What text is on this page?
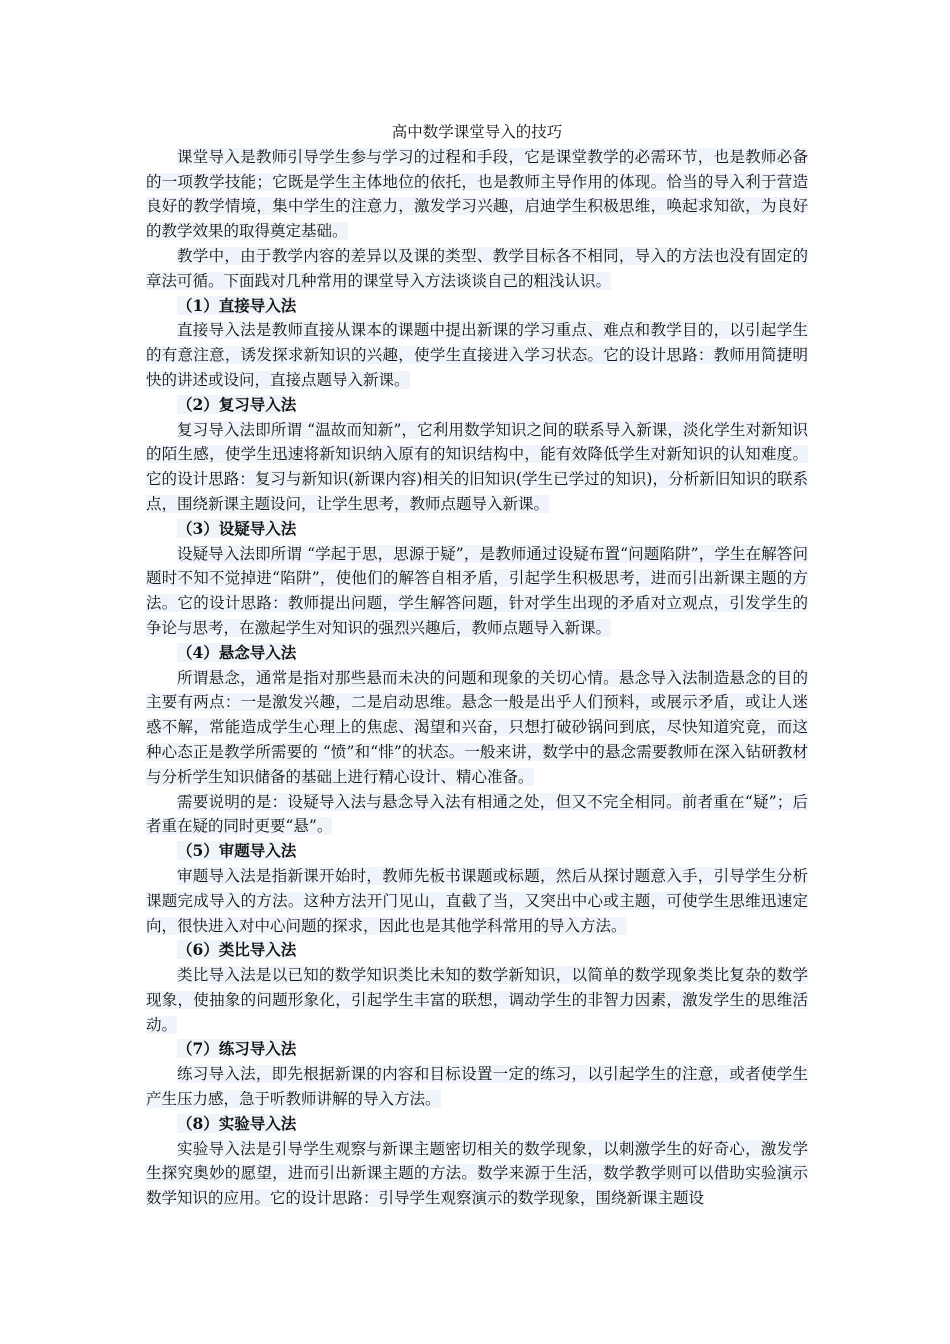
高中数学课堂导入的技巧

课堂导入是教师引导学生参与学习的过程和手段，它是课堂教学的必需环节，也是教师必备的一项教学技能；它既是学生主体地位的依托，也是教师主导作用的体现。恰当的导入利于营造良好的教学情境，集中学生的注意力，激发学习兴趣，启迪学生积极思维，唤起求知欲，为良好的教学效果的取得奠定基础。

教学中，由于教学内容的差异以及课的类型、教学目标各不相同，导入的方法也没有固定的章法可循。下面践对几种常用的课堂导入方法谈谈自己的粗浅认识。

（1）直接导入法

直接导入法是教师直接从课本的课题中提出新课的学习重点、难点和教学目的，以引起学生的有意注意，诱发探求新知识的兴趣，使学生直接进入学习状态。它的设计思路：教师用简捷明快的讲述或设问，直接点题导入新课。

（2）复习导入法

复习导入法即所谓 “温故而知新”，它利用数学知识之间的联系导入新课，淡化学生对新知识的陌生感，使学生迅速将新知识纳入原有的知识结构中，能有效降低学生对新知识的认知难度。它的设计思路：复习与新知识(新课内容)相关的旧知识(学生已学过的知识)，分析新旧知识的联系点，围绕新课主题设问，让学生思考，教师点题导入新课。

（3）设疑导入法

设疑导入法即所谓 “学起于思，思源于疑”，是教师通过设疑布置“问题陷阱”，学生在解答问题时不知不觉掉进“陷阱”，使他们的解答自相矛盾，引起学生积极思考，进而引出新课主题的方法。它的设计思路：教师提出问题，学生解答问题，针对学生出现的矛盾对立观点，引发学生的争论与思考，在激起学生对知识的强烈兴趣后，教师点题导入新课。

（4）悬念导入法

所谓悬念，通常是指对那些悬而未决的问题和现象的关切心情。悬念导入法制造悬念的目的主要有两点：一是激发兴趣，二是启动思维。悬念一般是出乎人们预料，或展示矛盾，或让人迷惑不解，常能造成学生心理上的焦虑、渴望和兴奋，只想打破砂锅问到底，尽快知道究竟，而这种心态正是教学所需要的 “愤”和“悱”的状态。一般来讲，数学中的悬念需要教师在深入钻研教材与分析学生知识储备的基础上进行精心设计、精心准备。

需要说明的是：设疑导入法与悬念导入法有相通之处，但又不完全相同。前者重在“疑”；后者重在疑的同时更要“悬”。

（5）审题导入法

审题导入法是指新课开始时，教师先板书课题或标题，然后从探讨题意入手，引导学生分析课题完成导入的方法。这种方法开门见山，直截了当，又突出中心或主题，可使学生思维迅速定向，很快进入对中心问题的探求，因此也是其他学科常用的导入方法。

（6）类比导入法

类比导入法是以已知的数学知识类比未知的数学新知识，以简单的数学现象类比复杂的数学现象，使抽象的问题形象化，引起学生丰富的联想，调动学生的非智力因素，激发学生的思维活动。

（7）练习导入法

练习导入法，即先根据新课的内容和目标设置一定的练习，以引起学生的注意，或者使学生产生压力感，急于听教师讲解的导入方法。

（8）实验导入法

实验导入法是引导学生观察与新课主题密切相关的数学现象，以刺激学生的好奇心，激发学生探究奥妙的愿望，进而引出新课主题的方法。数学来源于生活，数学教学则可以借助实验演示数学知识的应用。它的设计思路：引导学生观察演示的数学现象，围绕新课主题设
